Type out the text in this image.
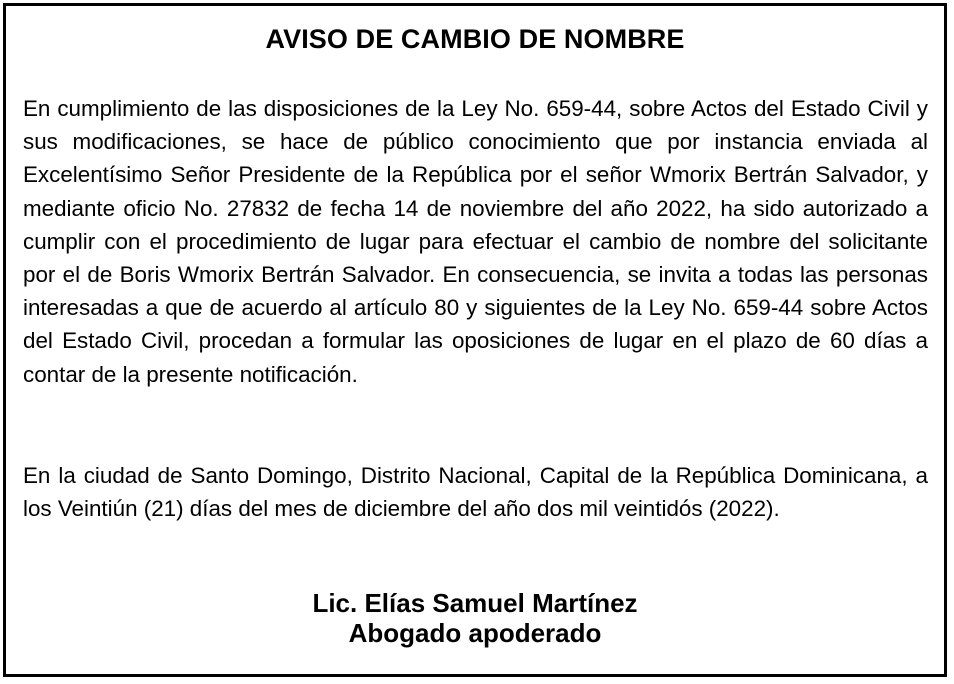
AVISO DE CAMBIO DE NOMBRE

En cumplimiento de las disposiciones de la Ley No. 659-44, sobre Actos del Estado Civil y sus modificaciones, se hace de público conocimiento que por instancia enviada al Excelentísimo Señor Presidente de la República por el señor Wmorix Bertrán Salvador, y mediante oficio No. 27832 de fecha 14 de noviembre del año 2022, ha sido autorizado a cumplir con el procedimiento de lugar para efectuar el cambio de nombre del solicitante por el de Boris Wmorix Bertrán Salvador. En consecuencia, se invita a todas las personas interesadas a que de acuerdo al artículo 80 y siguientes de la Ley No. 659-44 sobre Actos del Estado Civil, procedan a formular las oposiciones de lugar en el plazo de 60 días a contar de la presente notificación.

En la ciudad de Santo Domingo, Distrito Nacional, Capital de la República Dominicana, a los Veintiún (21) días del mes de diciembre del año dos mil veintidós (2022).

Lic. Elías Samuel Martínez

Abogado apoderado
